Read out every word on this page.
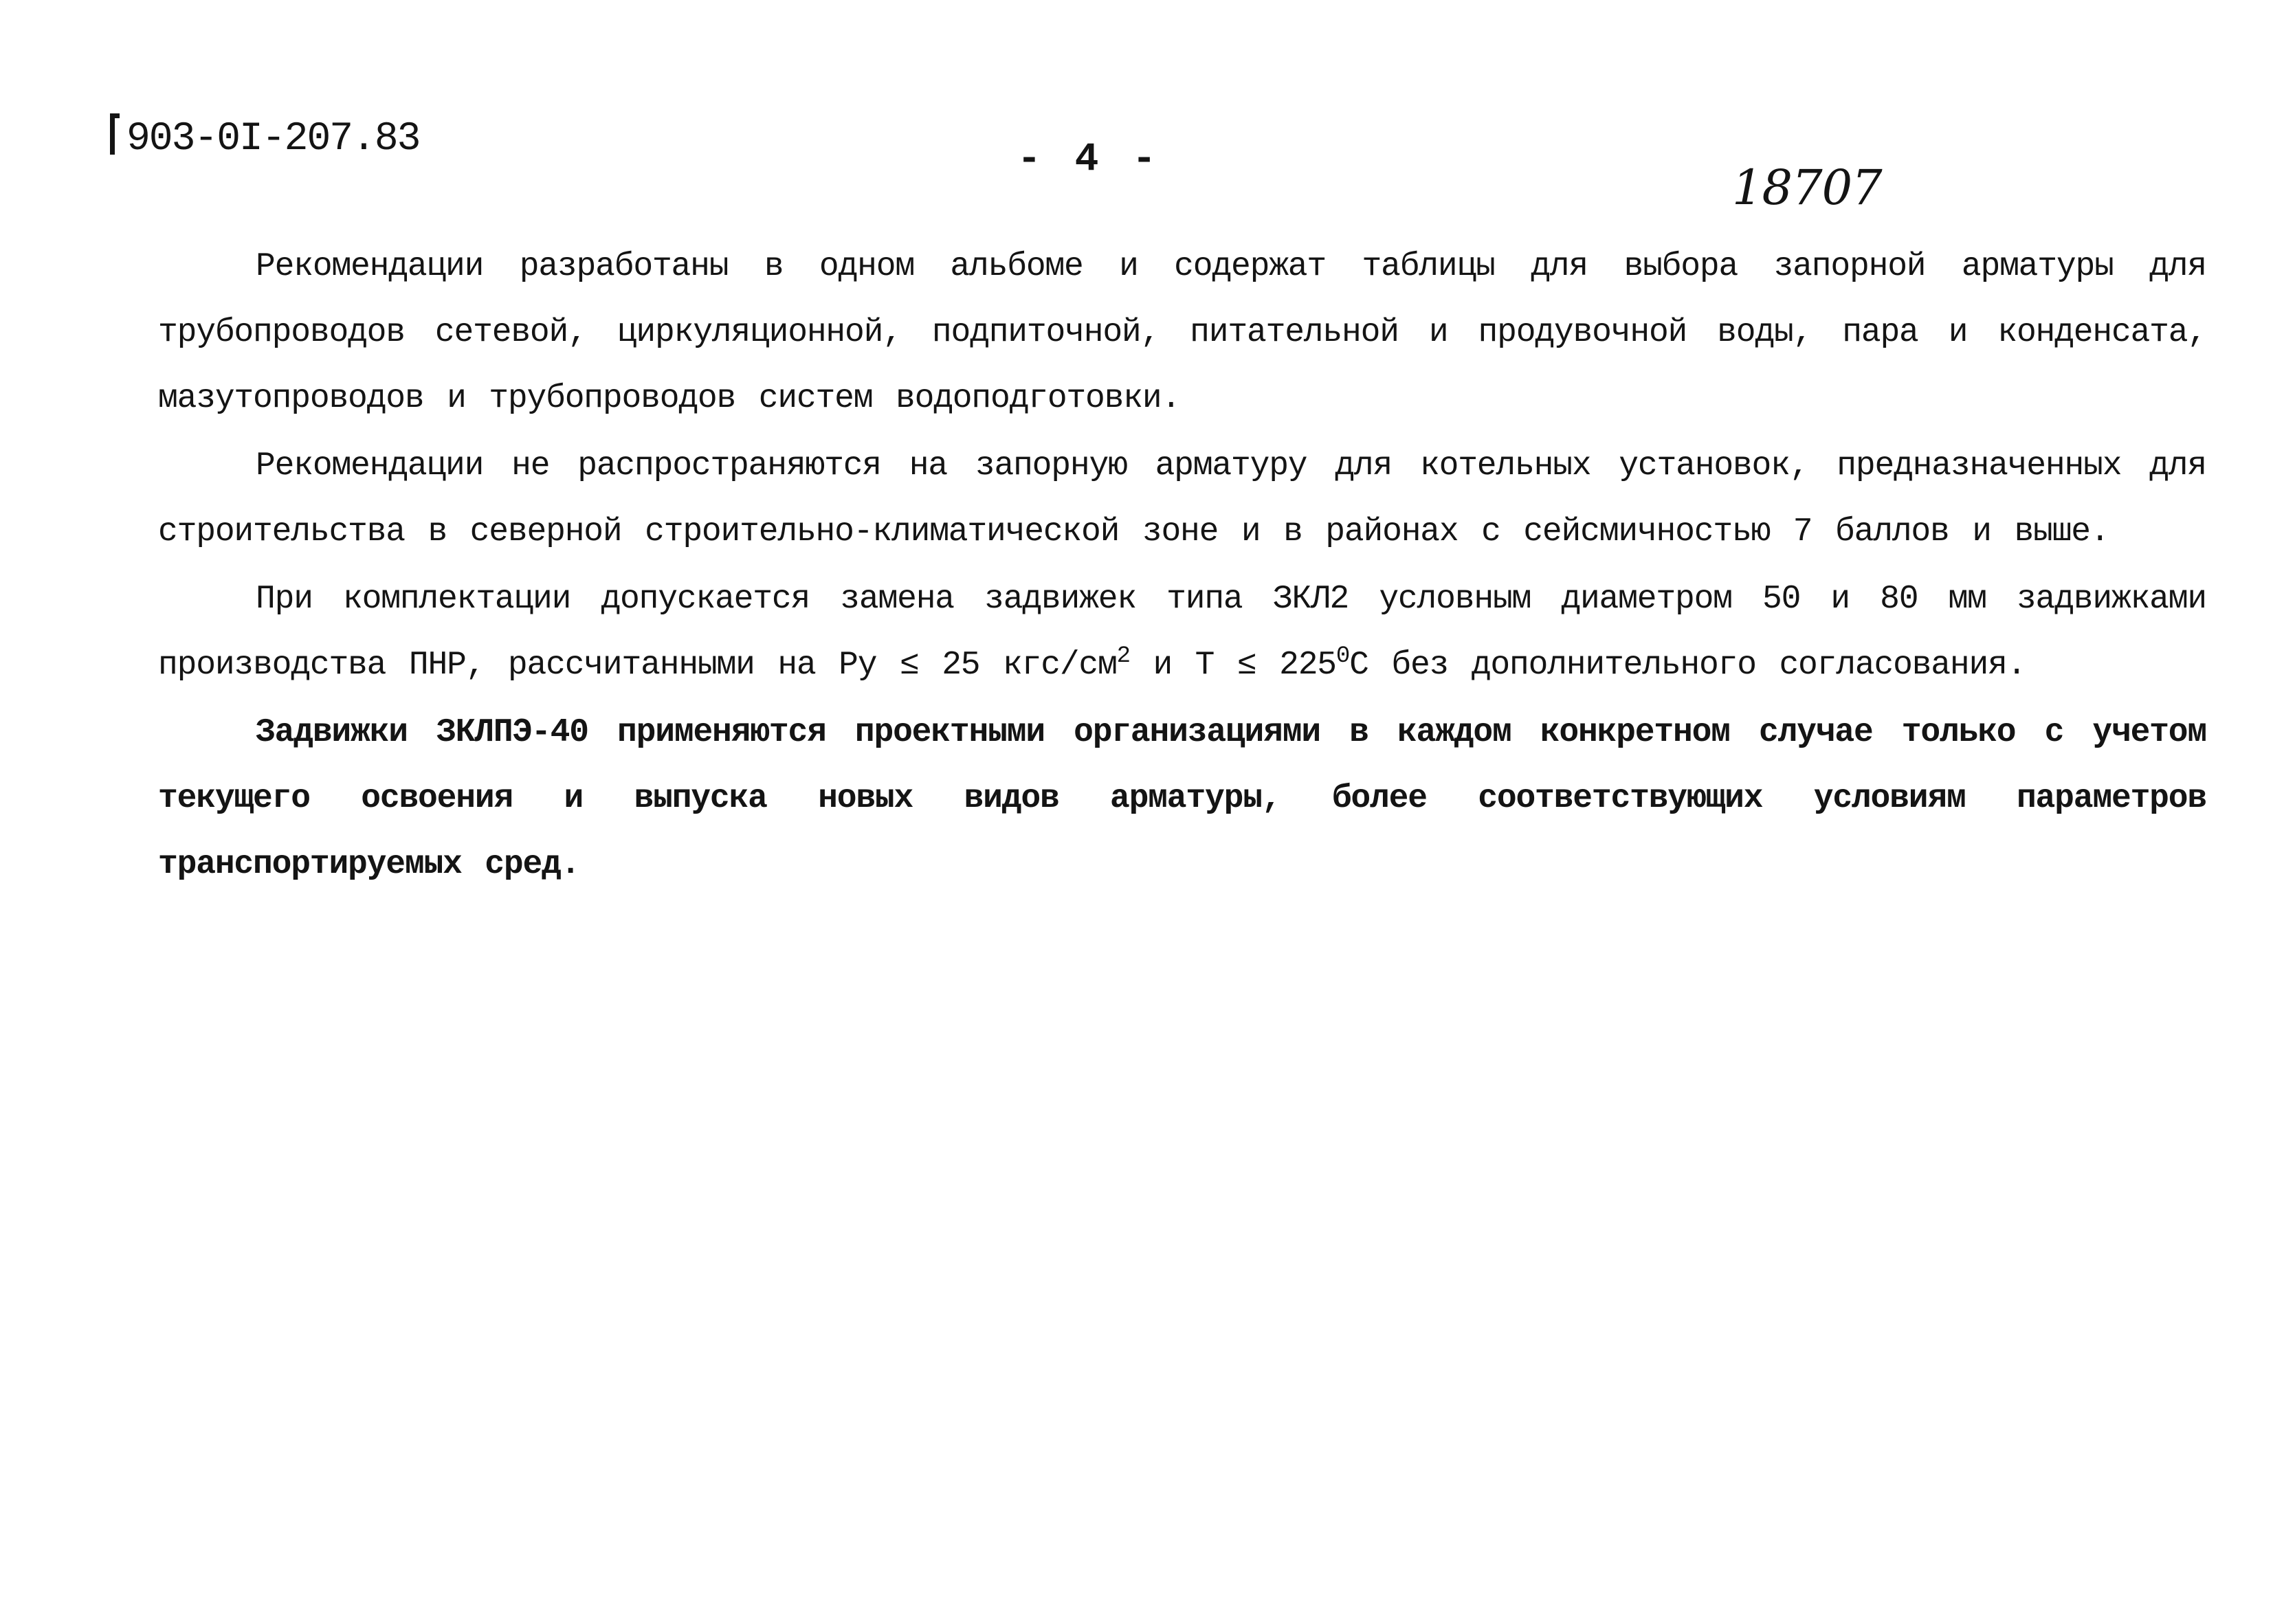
903-0I-207.83	- 4 -	18707

Рекомендации разработаны в одном альбоме и содержат таблицы для выбора запорной арматуры для трубопроводов сетевой, циркуляционной, подпиточной, питательной и продувочной воды, пара и конденсата, мазутопроводов и трубопроводов систем водоподготовки.

Рекомендации не распространяются на запорную арматуру для котельных установок, предназначенных для строительства в северной строительно-климатической зоне и в районах с сейсмичностью 7 баллов и выше.

При комплектации допускается замена задвижек типа ЗКЛ2 условным диаметром 50 и 80 мм задвижками производства ПНР, рассчитанными на Ру ≤ 25 кгс/$см^2$ и $Т \le 225^0С$ без дополнительного согласования.

Задвижки ЗКЛПЭ-40 применяются проектными организациями в каждом конкретном случае только с учетом текущего освоения и выпуска новых видов арматуры, более соответствующих условиям параметров транспортируемых сред.
